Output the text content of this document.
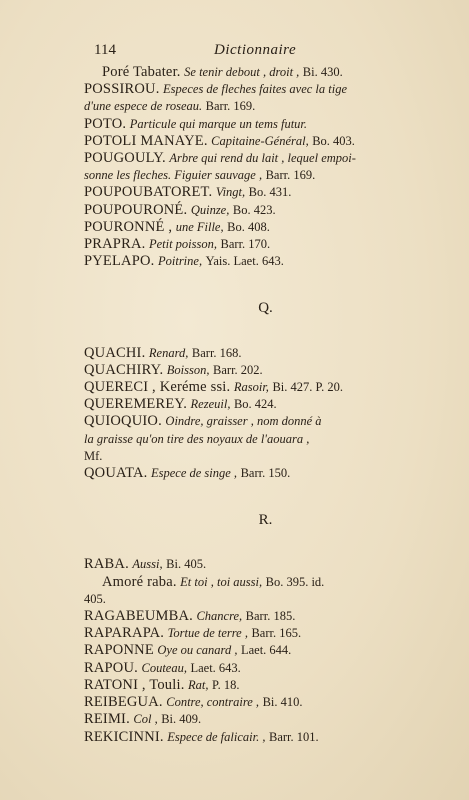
114	Dictionnaire
Poré Tabater. Se tenir debout , droit , Bi. 430.
POSSIROU. Especes de fleches faites avec la tige
d'une espece de roseau. Barr. 169.
POTO. Particule qui marque un tems futur.
POTOLI MANAYE. Capitaine-Général, Bo. 403.
POUGOULY. Arbre qui rend du lait , lequel empoi-
sonne les fleches. Figuier sauvage , Barr. 169.
POUPOUBATORET. Vingt, Bo. 431.
POUPOURONÉ. Quinze, Bo. 423.
POURONNÉ , une Fille, Bo. 408.
PRAPRA. Petit poisson, Barr. 170.
PYELAPO. Poitrine, Yais. Laet. 643.
Q.
QUACHI. Renard, Barr. 168.
QUACHIRY. Boisson, Barr. 202.
QUERECI , Keréme ssi. Rasoir, Bi. 427. P. 20.
QUEREMEREY. Rezeuil, Bo. 424.
QUIOQUIO. Oindre, graisser , nom donné à
la graisse qu'on tire des noyaux de l'aouara ,
Mf.
QOUATA. Espece de singe , Barr. 150.
R.
RABA. Aussi, Bi. 405.
Amoré raba. Et toi , toi aussi, Bo. 395. id.
405.
RAGABEUMBA. Chancre, Barr. 185.
RAPARAPA. Tortue de terre , Barr. 165.
RAPONNE Oye ou canard , Laet. 644.
RAPOU. Couteau, Laet. 643.
RATONI , Touli. Rat, P. 18.
REIBEGUA. Contre, contraire , Bi. 410.
REIMI. Col , Bi. 409.
REKICINNI. Espece de falicair. , Barr. 101.
